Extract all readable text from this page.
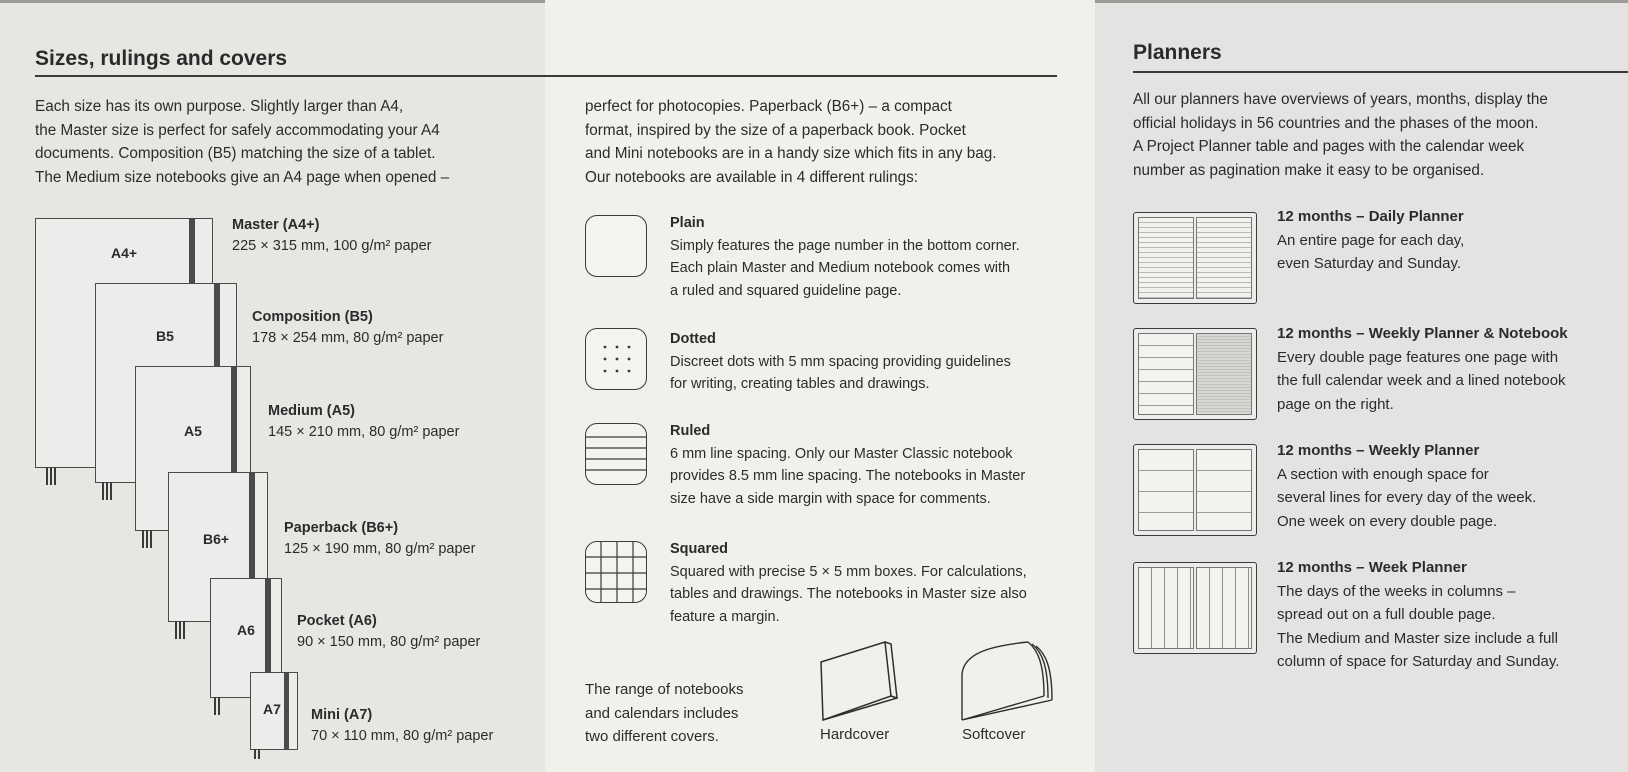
Sizes, rulings and covers
Each size has its own purpose. Slightly larger than A4,
the Master size is perfect for safely accommodating your A4
documents. Composition (B5) matching the size of a tablet.
The Medium size notebooks give an A4 page when opened –
A4+
B5
A5
B6+
A6
A7
Master (A4+)
225 × 315 mm, 100 g/m² paper
Composition (B5)
178 × 254 mm, 80 g/m² paper
Medium (A5)
145 × 210 mm, 80 g/m² paper
Paperback (B6+)
125 × 190 mm, 80 g/m² paper
Pocket (A6)
90 × 150 mm, 80 g/m² paper
Mini (A7)
70 × 110 mm, 80 g/m² paper
perfect for photocopies. Paperback (B6+) – a compact
format, inspired by the size of a paperback book. Pocket
and Mini notebooks are in a handy size which fits in any bag.
Our notebooks are available in 4 different rulings:
Plain
Simply features the page number in the bottom corner.
Each plain Master and Medium notebook comes with
a ruled and squared guideline page.
Dotted
Discreet dots with 5 mm spacing providing guidelines
for writing, creating tables and drawings.
Ruled
6 mm line spacing. Only our Master Classic notebook
provides 8.5 mm line spacing. The notebooks in Master
size have a side margin with space for comments.
Squared
Squared with precise 5 × 5 mm boxes. For calculations,
tables and drawings. The notebooks in Master size also
feature a margin.
The range of notebooks
and calendars includes
two different covers.	Hardcover	Softcover
Planners
All our planners have overviews of years, months, display the
official holidays in 56 countries and the phases of the moon.
A Project Planner table and pages with the calendar week
number as pagination make it easy to be organised.
12 months – Daily Planner
An entire page for each day,
even Saturday and Sunday.
12 months – Weekly Planner & Notebook
Every double page features one page with
the full calendar week and a lined notebook
page on the right.
12 months – Weekly Planner
A section with enough space for
several lines for every day of the week.
One week on every double page.
12 months – Week Planner
The days of the weeks in columns –
spread out on a full double page.
The Medium and Master size include a full
column of space for Saturday and Sunday.
